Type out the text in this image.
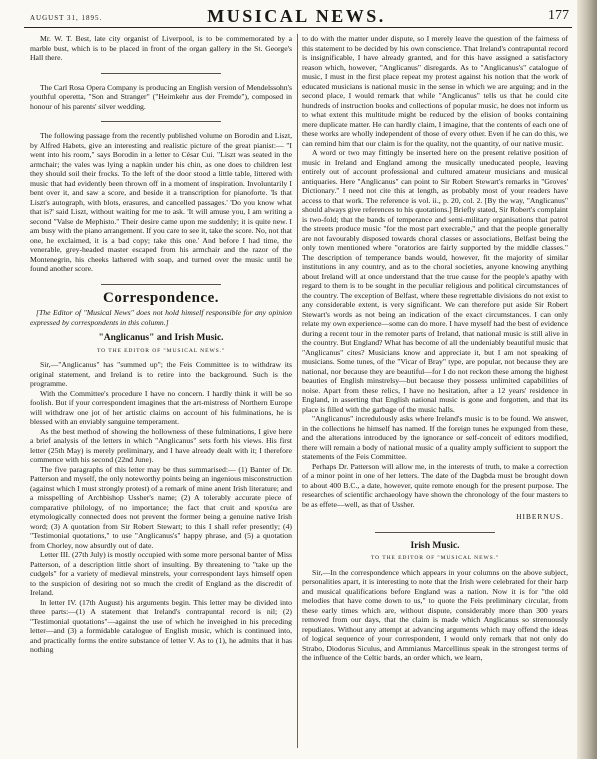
AUGUST 31, 1895.	MUSICAL NEWS.	177

Mr. W. T. Best, late city organist of Liverpool, is to be commemorated by a marble bust, which is to be placed in front of the organ gallery in the St. George's Hall there.

The Carl Rosa Opera Company is producing an English version of Mendelssohn's youthful operetta, "Son and Stranger" ("Heimkehr aus der Fremde"), composed in honour of his parents' silver wedding.

The following passage from the recently published volume on Borodin and Liszt, by Alfred Habets, give an interesting and realistic picture of the great pianist:— "I went into his room," says Borodin in a letter to César Cui. "Liszt was seated in the armchair; the vales was lying a napkin under his chin, as one does to children lest they should soil their frocks. To the left of the door stood a little table, littered with music that had evidently been thrown off in a moment of inspiration. Involuntarily I bent over it, and saw a score, and beside it a transcription for pianoforte. 'Is that Liszt's autograph, with blots, erasures, and cancelled passages.' 'Do you know what that is?' said Liszt, without waiting for me to ask. 'It will amuse you, I am writing a second "Valse de Mephisto." Their desire came upon me suddenly; it is quite new. I am busy with the piano arrangement. If you care to see it, take the score. No, not that one, he exclaimed, it is a bad copy; take this one.' And before I had time, the venerable, grey-headed master escaped from his armchair and the razor of the Montenegrin, his cheeks lathered with soap, and turned over the music until he found another score.

Correspondence.

[The Editor of "Musical News" does not hold himself responsible for any opinion expressed by correspondents in this column.]

"Anglicanus" and Irish Music.
TO THE EDITOR OF "MUSICAL NEWS."

Sir,—"Anglicanus" has "summed up"; the Feis Committee is to withdraw its original statement, and Ireland is to retire into the background. Such is the programme.

With the Committee's procedure I have no concern. I hardly think it will be so foolish. But if your correspondent imagines that the art-mistress of Northern Europe will withdraw one jot of her artistic claims on account of his fulminations, he is blessed with an enviably sanguine temperament.

As the best method of showing the hollowness of these fulminations, I give here a brief analysis of the letters in which "Anglicanus" sets forth his views. His first letter (25th May) is merely preliminary, and I have already dealt with it; I therefore commence with his second (22nd June).

The five paragraphs of this letter may be thus summarised:— (1) Banter of Dr. Patterson and myself, the only noteworthy points being an ingenious misconstruction (against which I must strongly protest) of a remark of mine anent Irish literature; and a misspelling of Archbishop Ussher's name; (2) A tolerably accurate piece of comparative philology, of no importance; the fact that cruit and κροτέω are etymologically connected does not prevent the former being a genuine native Irish word; (3) A quotation from Sir Robert Stewart; to this I shall refer presently; (4) "Testimonial quotations," to use "Anglicanus's" happy phrase, and (5) a quotation from Chorley, now absurdly out of date.

Letter III. (27th July) is mostly occupied with some more personal banter of Miss Patterson, of a description little short of insulting. By threatening to "take up the cudgels" for a variety of medieval minstrels, your correspondent lays himself open to the suspicion of desiring not so much the credit of England as the discredit of Ireland.

In letter IV. (17th August) his arguments begin. This letter may be divided into three parts:—(1) A statement that Ireland's contrapuntal record is nil; (2) "Testimonial quotations"—against the use of which he inveighed in his preceding letter—and (3) a formidable catalogue of English music, which is continued into, and practically forms the entire substance of letter V. As to (1), he admits that it has nothing

to do with the matter under dispute, so I merely leave the question of the fairness of this statement to be decided by his own conscience. That Ireland's contrapuntal record is insignificable, I have already granted, and for this have assigned a satisfactory reason which, however, "Anglicanus" disregards. As to "Anglicanus's" catalogue of music, I must in the first place repeat my protest against his notion that the work of educated musicians is national music in the sense in which we are arguing; and in the second place, I would remark that while "Anglicanus" tells us that he could cite hundreds of instruction books and collections of popular music, he does not inform us to what extent this multitude might be reduced by the elision of books containing mere duplicate matter. He can hardly claim, I imagine, that the contents of each one of these works are wholly independent of those of every other. Even if he can do this, we can remind him that our claim is for the quality, not the quantity, of our native music.

A word or two may fittingly be inserted here on the present relative position of music in Ireland and England among the musically uneducated people, leaving entirely out of account professional and cultured amateur musicians and musical antiquaries. Here "Anglicanus" can point to Sir Robert Stewart's remarks in "Groves' Dictionary." I need not cite this at length, as probably most of your readers have access to that work. The reference is vol. ii., p. 20, col. 2. [By the way, "Anglicanus" should always give references to his quotations.] Briefly stated, Sir Robert's complaint is two-fold; that the bands of temperance and semi-military organisations that patrol the streets produce music "for the most part execrable," and that the people generally are not favourably disposed towards choral classes or associations, Belfast being the only town mentioned where "oratorios are fairly supported by the middle classes." The description of temperance bands would, however, fit the majority of similar institutions in any country, and as to the choral societies, anyone knowing anything about Ireland will at once understand that the true cause for the people's apathy with regard to them is to be sought in the peculiar religious and political circumstances of the country. The exception of Belfast, where these regrettable divisions do not exist to any considerable extent, is very significant. We can therefore put aside Sir Robert Stewart's words as not being an indication of the exact circumstances. I can only relate my own experience—some can do more. I have myself had the best of evidence during a recent tour in the remoter parts of Ireland, that national music is still alive in the country. But England? What has become of all the undeniably beautiful music that "Anglicanus" cites? Musicians know and appreciate it, but I am not speaking of musicians. Some tunes, of the "Vicar of Bray" type, are popular, not because they are national, nor because they are beautiful—for I do not reckon these among the highest beauties of English minstrelsy—but because they possess unlimited capabilities of noise. Apart from these relics, I have no hesitation, after a 12 years' residence in England, in asserting that English national music is gone and forgotten, and that its place is filled with the garbage of the music halls.

"Anglicanus" incredulously asks where Ireland's music is to be found. We answer, in the collections he himself has named. If the foreign tunes he expunged from these, and the alterations introduced by the ignorance or self-conceit of editors modified, there will remain a body of national music of a quality amply sufficient to support the statements of the Feis Committee.

Perhaps Dr. Patterson will allow me, in the interests of truth, to make a correction of a minor point in one of her letters. The date of the Dagbda must be brought down to about 400 B.C., a date, however, quite remote enough for the present purpose. The researches of scientific archaeology have shown the chronology of the four masters to be as effete—well, as that of Ussher.

HIBERNUS.
Irish Music.
TO THE EDITOR OF "MUSICAL NEWS."

Sir,—In the correspondence which appears in your columns on the above subject, personalities apart, it is interesting to note that the Irish were celebrated for their harp and musical qualifications before England was a nation. Now it is for "the old melodies that have come down to us," to quote the Feis preliminary circular, from these early times which are, without dispute, considerably more than 300 years removed from our days, that the claim is made which Anglicanus so strenuously repudiates. Without any attempt at advancing arguments which may offend the ideas of logical sequence of your correspondent, I would only remark that not only do Strabo, Diodorus Siculus, and Ammianus Marcellinus speak in the strongest terms of the influence of the Celtic bards, an order which, we learn,
